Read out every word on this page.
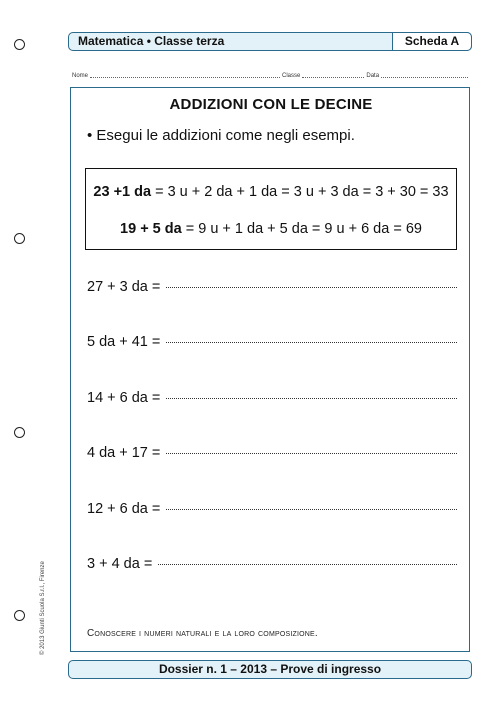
Matematica • Classe terza	Scheda A
Nome	Classe	Data
ADDIZIONI CON LE DECINE
• Esegui le addizioni come negli esempi.
23 +1 da = 3 u + 2 da + 1 da = 3 u + 3 da = 3 + 30 = 33
19 + 5 da = 9 u + 1 da + 5 da = 9 u + 6 da = 69
27 + 3 da =
5 da + 41 =
14 + 6 da =
4 da + 17 =
12 + 6 da =
3 + 4 da =
Conoscere i numeri naturali e la loro composizione.
© 2013 Giunti Scuola S.r.l., Firenze
Dossier n. 1 – 2013 – Prove di ingresso
